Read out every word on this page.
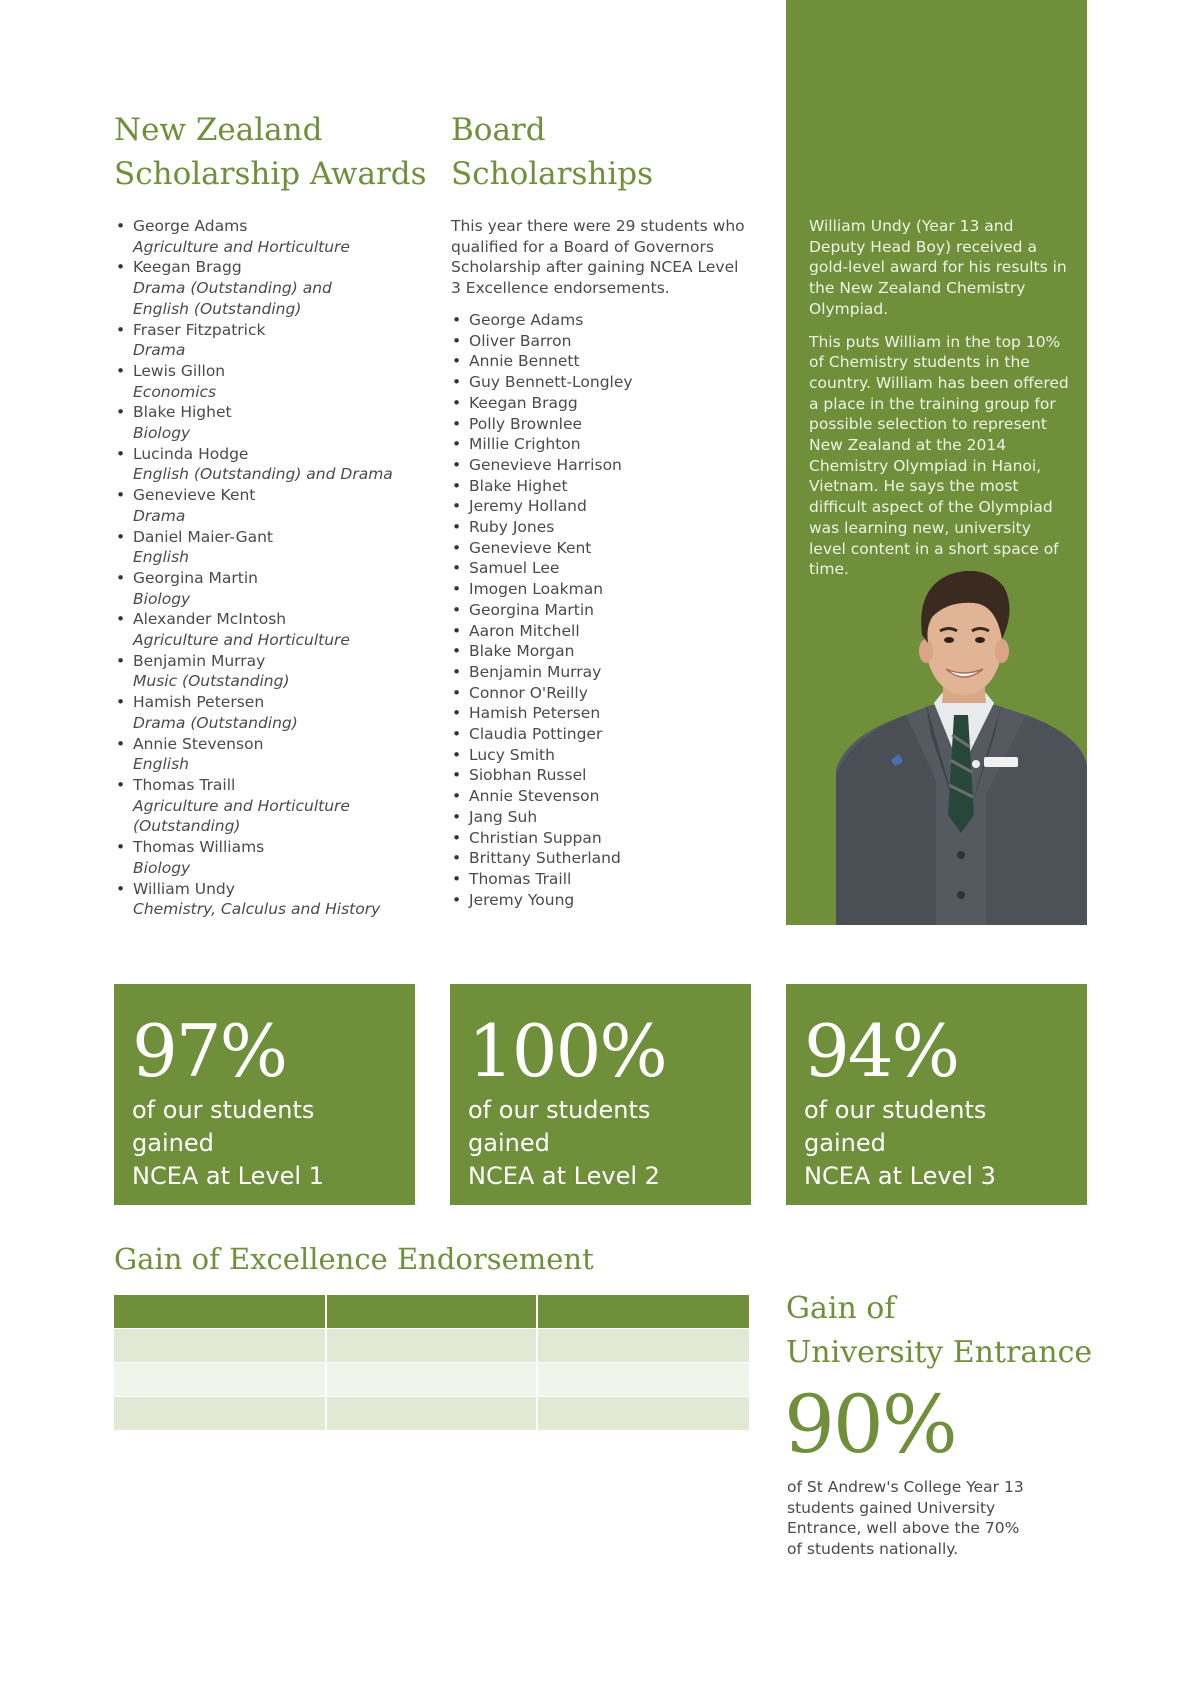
New Zealand
Scholarship Awards
• George Adams
Agriculture and Horticulture
• Keegan Bragg
Drama (Outstanding) and
English (Outstanding)
• Fraser Fitzpatrick
Drama
• Lewis Gillon
Economics
• Blake Highet
Biology
• Lucinda Hodge
English (Outstanding) and Drama
• Genevieve Kent
Drama
• Daniel Maier-Gant
English
• Georgina Martin
Biology
• Alexander McIntosh
Agriculture and Horticulture
• Benjamin Murray
Music (Outstanding)
• Hamish Petersen
Drama (Outstanding)
• Annie Stevenson
English
• Thomas Traill
Agriculture and Horticulture
(Outstanding)
• Thomas Williams
Biology
• William Undy
Chemistry, Calculus and History
Board
Scholarships

This year there were 29 students who qualified for a Board of Governors Scholarship after gaining NCEA Level 3 Excellence endorsements.

• George Adams
• Oliver Barron
• Annie Bennett
• Guy Bennett-Longley
• Keegan Bragg
• Polly Brownlee
• Millie Crighton
• Genevieve Harrison
• Blake Highet
• Jeremy Holland
• Ruby Jones
• Genevieve Kent
• Samuel Lee
• Imogen Loakman
• Georgina Martin
• Aaron Mitchell
• Blake Morgan
• Benjamin Murray
• Connor O'Reilly
• Hamish Petersen
• Claudia Pottinger
• Lucy Smith
• Siobhan Russel
• Annie Stevenson
• Jang Suh
• Christian Suppan
• Brittany Sutherland
• Thomas Traill
• Jeremy Young

William Undy (Year 13 and Deputy Head Boy) received a gold-level award for his results in the New Zealand Chemistry Olympiad.

This puts William in the top 10% of Chemistry students in the country. William has been offered a place in the training group for possible selection to represent New Zealand at the 2014 Chemistry Olympiad in Hanoi, Vietnam. He says the most difficult aspect of the Olympiad was learning new, university level content in a short space of time.

97%
of our students gained
NCEA at Level 1
100%
of our students gained
NCEA at Level 2
94%
of our students gained
NCEA at Level 3
Gain of Excellence Endorsement

Gain of
University Entrance
90%

of St Andrew's College Year 13 students gained University Entrance, well above the 70% of students nationally.
